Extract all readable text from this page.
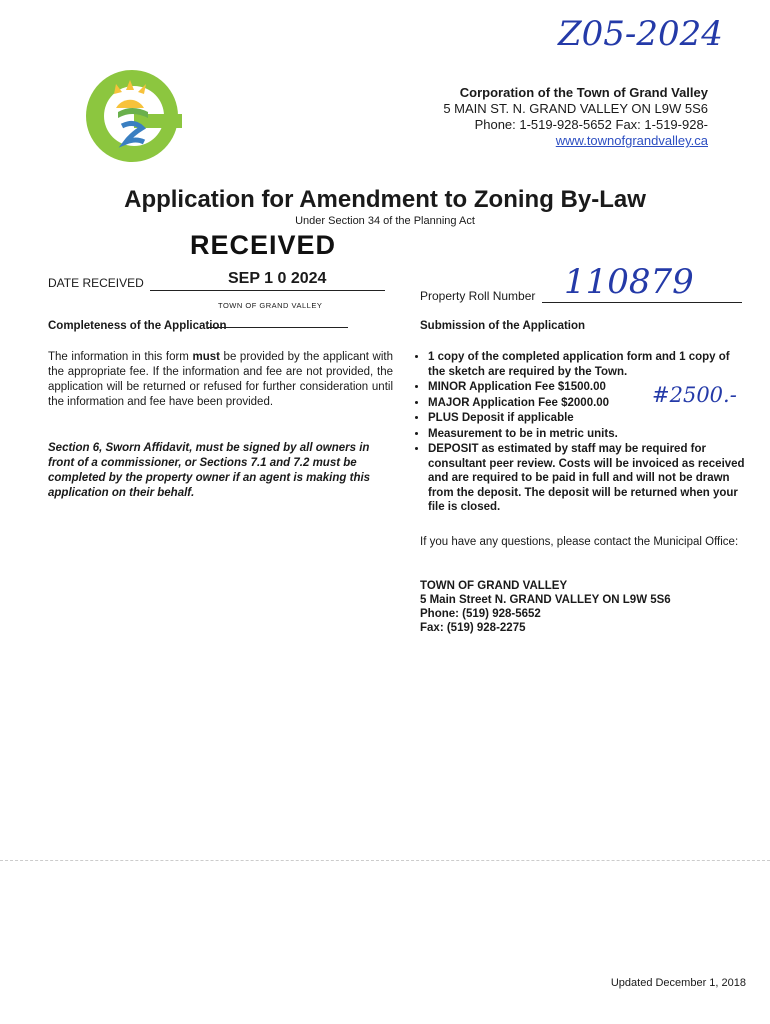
Z05-2024
Corporation of the Town of Grand Valley
5 MAIN ST. N. GRAND VALLEY ON L9W 5S6
Phone: 1-519-928-5652 Fax: 1-519-928-
www.townofgrandvalley.ca
Application for Amendment to Zoning By-Law
Under Section 34 of the Planning Act
RECEIVED
DATE RECEIVED	SEP 1 0 2024
TOWN OF GRAND VALLEY
Property Roll Number 110879
Completeness of the Application
The information in this form must be provided by the applicant with the appropriate fee. If the information and fee are not provided, the application will be returned or refused for further consideration until the information and fee have been provided.
Section 6, Sworn Affidavit, must be signed by all owners in front of a commissioner, or Sections 7.1 and 7.2 must be completed by the property owner if an agent is making this application on their behalf.
Submission of the Application
• 1 copy of the completed application form and 1 copy of the sketch are required by the Town.
• MINOR Application Fee $1500.00
• MAJOR Application Fee $2000.00
• PLUS Deposit if applicable
• Measurement to be in metric units.
• DEPOSIT as estimated by staff may be required for consultant peer review. Costs will be invoiced as received and are required to be paid in full and will not be drawn from the deposit. The deposit will be returned when your file is closed.
#2500.-
If you have any questions, please contact the Municipal Office:
TOWN OF GRAND VALLEY
5 Main Street N. GRAND VALLEY ON L9W 5S6
Phone: (519) 928-5652
Fax: (519) 928-2275
Updated December 1, 2018
